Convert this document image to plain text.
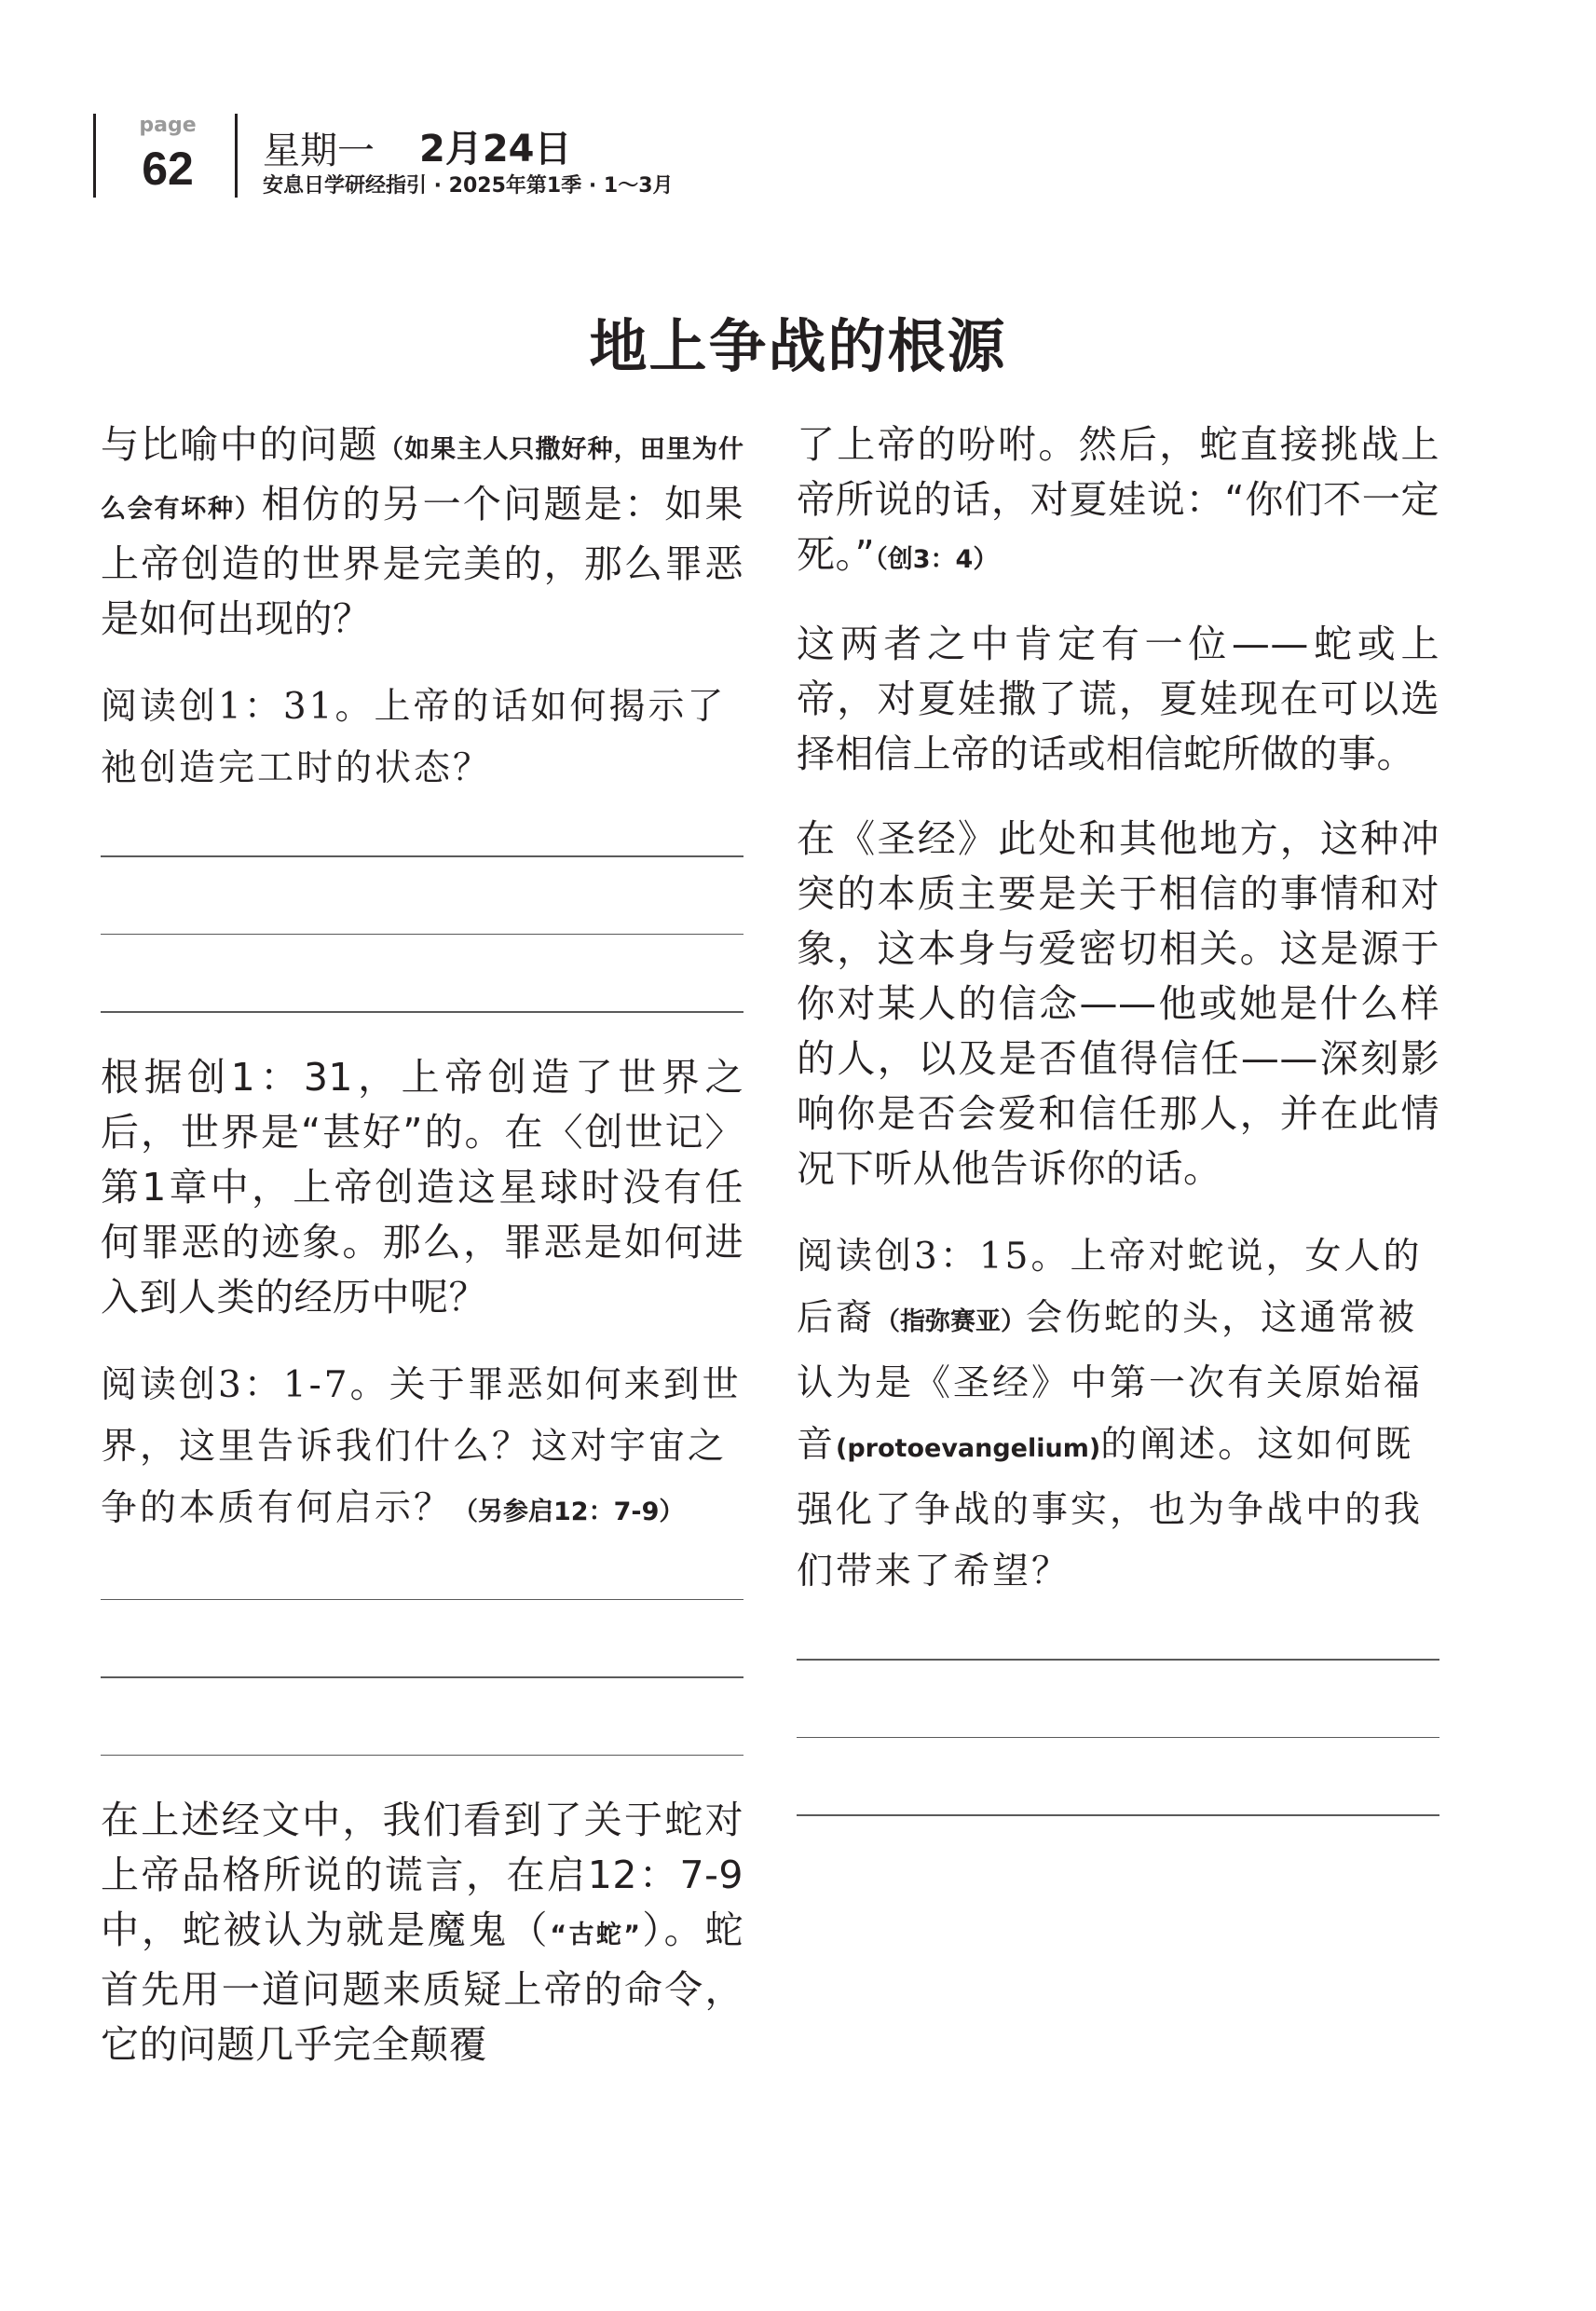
page
62	星期一 2月24日
安息日学研经指引 · 2025年第1季 · 1～3月
地上争战的根源

与比喻中的问题（如果主人只撒好种，田里为什么会有坏种）相仿的另一个问题是：如果上帝创造的世界是完美的，那么罪恶是如何出现的？

阅读创1：31。上帝的话如何揭示了祂创造完工时的状态？

根据创1：31，上帝创造了世界之后，世界是“甚好”的。在〈创世记〉第1章中，上帝创造这星球时没有任何罪恶的迹象。那么，罪恶是如何进入到人类的经历中呢？

阅读创3：1-7。关于罪恶如何来到世界，这里告诉我们什么？这对宇宙之争的本质有何启示？（另参启12：7-9）

在上述经文中，我们看到了关于蛇对上帝品格所说的谎言，在启12：7-9中，蛇被认为就是魔鬼（“古蛇”）。蛇首先用一道问题来质疑上帝的命令，它的问题几乎完全颠覆

了上帝的吩咐。然后，蛇直接挑战上帝所说的话，对夏娃说：“你们不一定死。”（创3：4）

这两者之中肯定有一位——蛇或上帝，对夏娃撒了谎，夏娃现在可以选择相信上帝的话或相信蛇所做的事。

在《圣经》此处和其他地方，这种冲突的本质主要是关于相信的事情和对象，这本身与爱密切相关。这是源于你对某人的信念——他或她是什么样的人，以及是否值得信任——深刻影响你是否会爱和信任那人，并在此情况下听从他告诉你的话。

阅读创3：15。上帝对蛇说，女人的后裔（指弥赛亚）会伤蛇的头，这通常被认为是《圣经》中第一次有关原始福音(protoevangelium)的阐述。这如何既强化了争战的事实，也为争战中的我们带来了希望？
